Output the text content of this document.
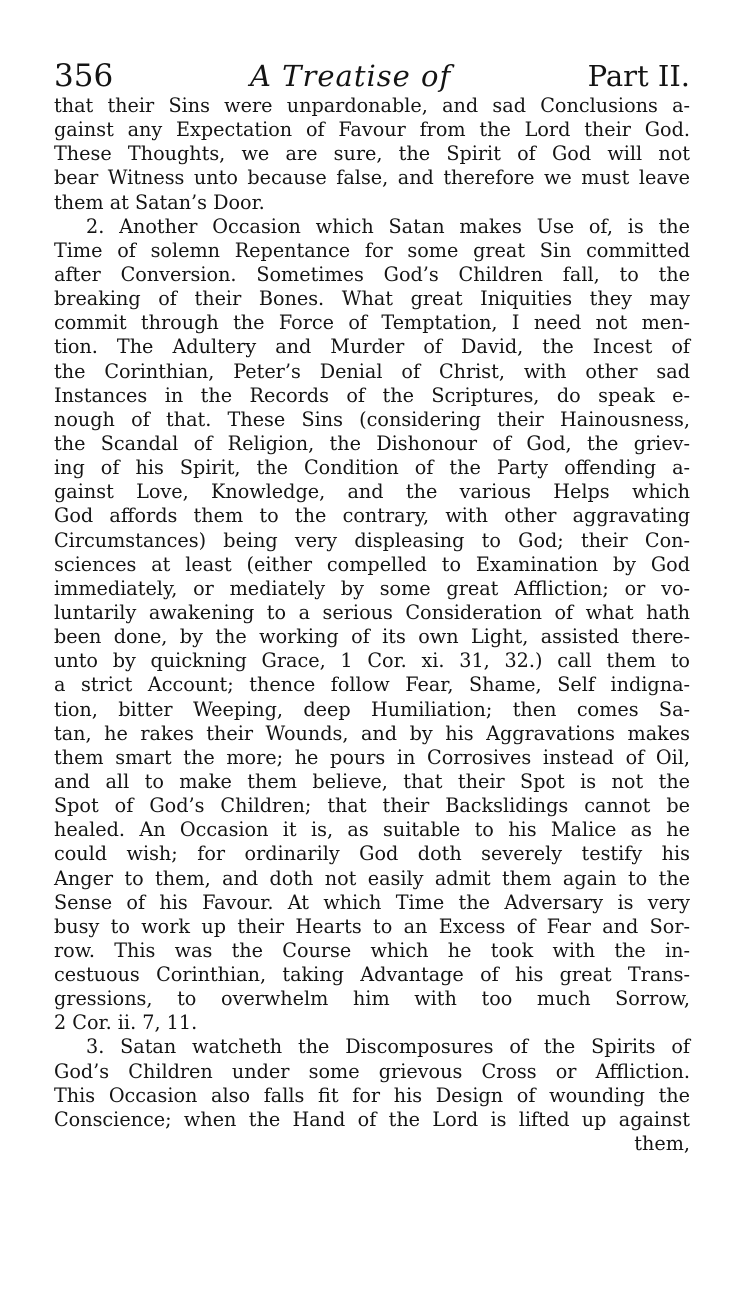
356	A Treatise of	Part II.
that their Sins were unpardonable, and sad Conclusions a-
gainst any Expectation of Favour from the Lord their God.
These Thoughts, we are sure, the Spirit of God will not
bear Witness unto because false, and therefore we must leave
them at Satan’s Door.
2. Another Occasion which Satan makes Use of, is the
Time of solemn Repentance for some great Sin committed
after Conversion. Sometimes God’s Children fall, to the
breaking of their Bones. What great Iniquities they may
commit through the Force of Temptation, I need not men-
tion. The Adultery and Murder of David, the Incest of
the Corinthian, Peter’s Denial of Christ, with other sad
Instances in the Records of the Scriptures, do speak e-
nough of that. These Sins (considering their Hainousness,
the Scandal of Religion, the Dishonour of God, the griev-
ing of his Spirit, the Condition of the Party offending a-
gainst Love, Knowledge, and the various Helps which
God affords them to the contrary, with other aggravating
Circumstances) being very displeasing to God; their Con-
sciences at least (either compelled to Examination by God
immediately, or mediately by some great Affliction; or vo-
luntarily awakening to a serious Consideration of what hath
been done, by the working of its own Light, assisted there-
unto by quickning Grace, 1 Cor. xi. 31, 32.) call them to
a strict Account; thence follow Fear, Shame, Self indigna-
tion, bitter Weeping, deep Humiliation; then comes Sa-
tan, he rakes their Wounds, and by his Aggravations makes
them smart the more; he pours in Corrosives instead of Oil,
and all to make them believe, that their Spot is not the
Spot of God’s Children; that their Backslidings cannot be
healed. An Occasion it is, as suitable to his Malice as he
could wish; for ordinarily God doth severely testify his
Anger to them, and doth not easily admit them again to the
Sense of his Favour. At which Time the Adversary is very
busy to work up their Hearts to an Excess of Fear and Sor-
row. This was the Course which he took with the in-
cestuous Corinthian, taking Advantage of his great Trans-
gressions, to overwhelm him with too much Sorrow,
2 Cor. ii. 7, 11.
3. Satan watcheth the Discomposures of the Spirits of
God’s Children under some grievous Cross or Affliction.
This Occasion also falls fit for his Design of wounding the
Conscience; when the Hand of the Lord is lifted up against
them,
